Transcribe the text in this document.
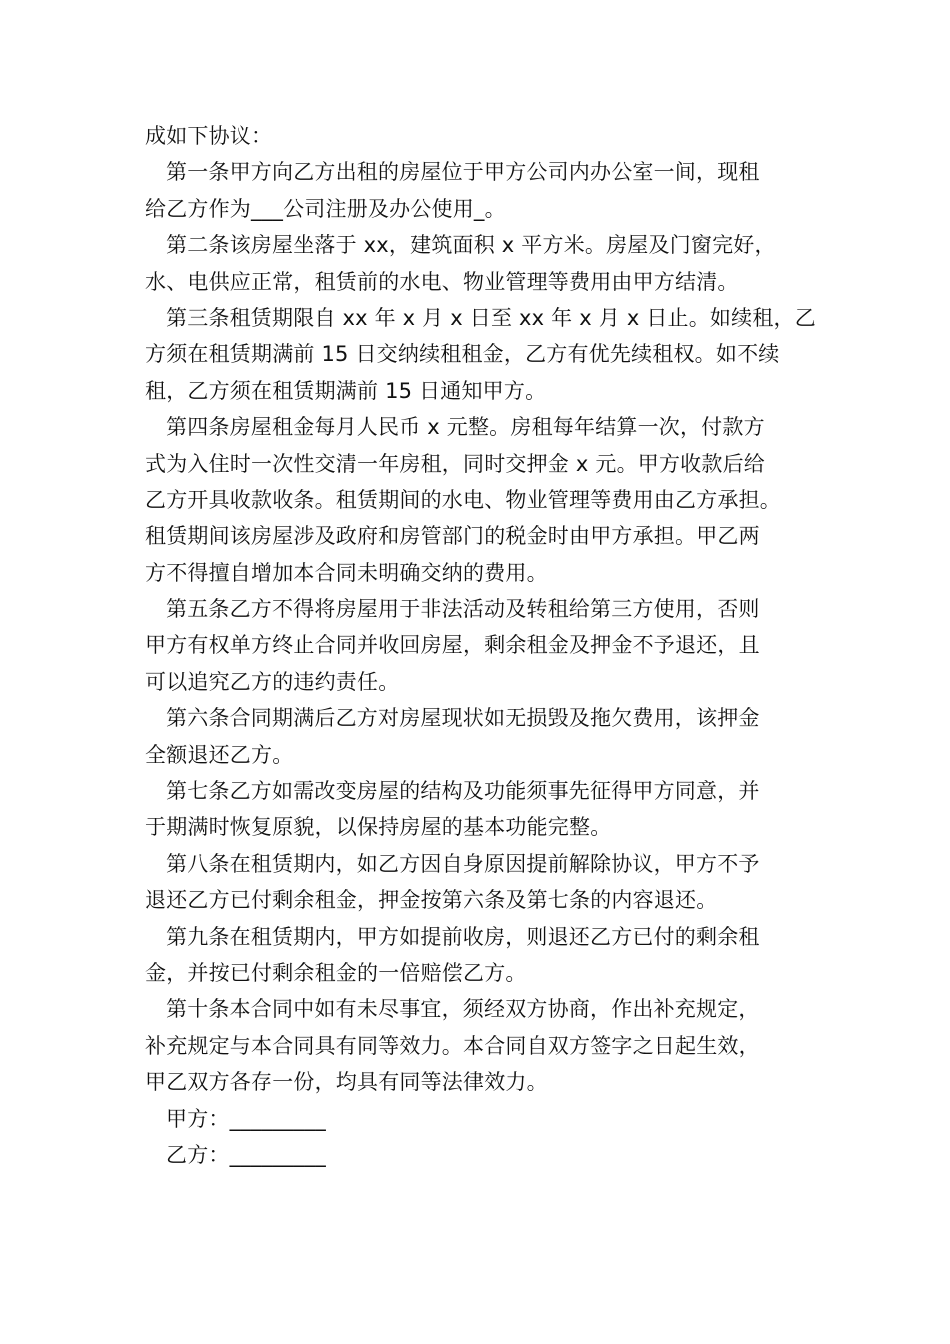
成如下协议：
第一条甲方向乙方出租的房屋位于甲方公司内办公室一间，现租
给乙方作为___公司注册及办公使用_。
第二条该房屋坐落于 xx，建筑面积 x 平方米。房屋及门窗完好，
水、电供应正常，租赁前的水电、物业管理等费用由甲方结清。
第三条租赁期限自 xx 年 x 月 x 日至 xx 年 x 月 x 日止。如续租，乙
方须在租赁期满前 15 日交纳续租租金，乙方有优先续租权。如不续
租，乙方须在租赁期满前 15 日通知甲方。
第四条房屋租金每月人民币 x 元整。房租每年结算一次，付款方
式为入住时一次性交清一年房租，同时交押金 x 元。甲方收款后给
乙方开具收款收条。租赁期间的水电、物业管理等费用由乙方承担。
租赁期间该房屋涉及政府和房管部门的税金时由甲方承担。甲乙两
方不得擅自增加本合同未明确交纳的费用。
第五条乙方不得将房屋用于非法活动及转租给第三方使用，否则
甲方有权单方终止合同并收回房屋，剩余租金及押金不予退还，且
可以追究乙方的违约责任。
第六条合同期满后乙方对房屋现状如无损毁及拖欠费用，该押金
全额退还乙方。
第七条乙方如需改变房屋的结构及功能须事先征得甲方同意，并
于期满时恢复原貌，以保持房屋的基本功能完整。
第八条在租赁期内，如乙方因自身原因提前解除协议，甲方不予
退还乙方已付剩余租金，押金按第六条及第七条的内容退还。
第九条在租赁期内，甲方如提前收房，则退还乙方已付的剩余租
金，并按已付剩余租金的一倍赔偿乙方。
第十条本合同中如有未尽事宜，须经双方协商，作出补充规定，
补充规定与本合同具有同等效力。本合同自双方签字之日起生效，
甲乙双方各存一份，均具有同等法律效力。
甲方：_________
乙方：_________
